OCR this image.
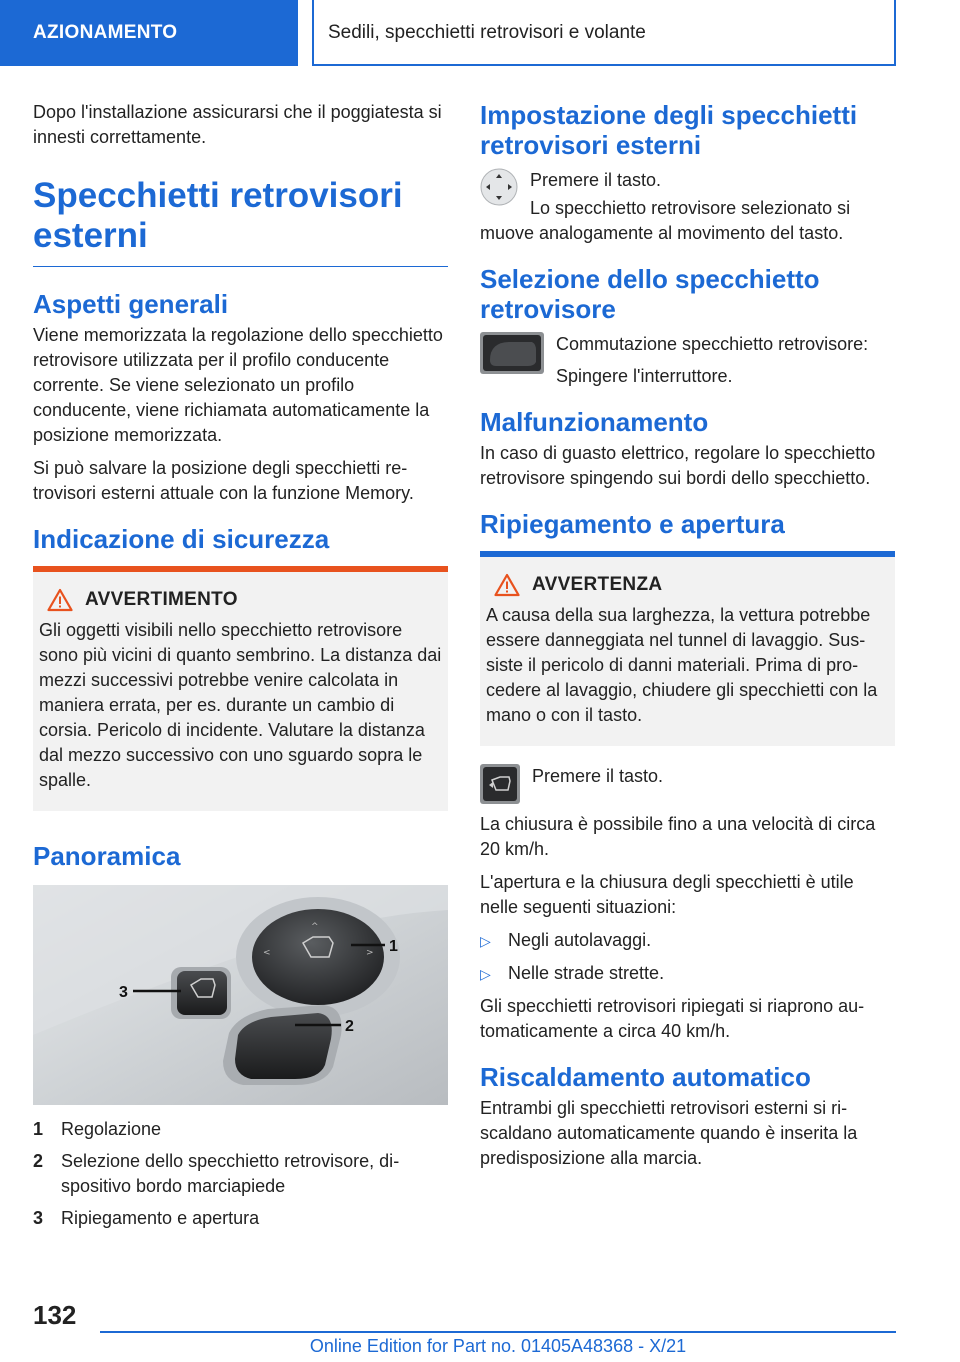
AZIONAMENTO	Sedili, specchietti retrovisori e volante

Dopo l'installazione assicurarsi che il poggiatesta si innesti correttamente.

Specchietti retrovisori esterni
Aspetti generali

Viene memorizzata la regolazione dello specchietto retrovisore utilizzata per il profilo conducente corrente. Se viene selezionato un profilo conducente, viene richiamata automaticamente la posizione memorizzata.

Si può salvare la posizione degli specchietti retrovisori esterni attuale con la funzione Memory.

Indicazione di sicurezza
AVVERTIMENTO

Gli oggetti visibili nello specchietto retrovisore sono più vicini di quanto sembrino. La distanza dai mezzi successivi potrebbe venire calcolata in maniera errata, per es. durante un cambio di corsia. Pericolo di incidente. Valutare la distanza dal mezzo successivo con uno sguardo sopra le spalle.

Panoramica
^
<	> 1
2
3
1 Regolazione
2 Selezione dello specchietto retrovisore, dispositivo bordo marciapiede
3 Ripiegamento e apertura
Impostazione degli specchietti retrovisori esterni
Premere il tasto.

Lo specchietto retrovisore selezionato si muove analogamente al movimento del tasto.

Selezione dello specchietto retrovisore
Commutazione specchietto retrovisore:
Spingere l'interruttore.
Malfunzionamento

In caso di guasto elettrico, regolare lo specchietto retrovisore spingendo sui bordi dello specchietto.

Ripiegamento e apertura
AVVERTENZA

A causa della sua larghezza, la vettura potrebbe essere danneggiata nel tunnel di lavaggio. Sussiste il pericolo di danni materiali. Prima di procedere al lavaggio, chiudere gli specchietti con la mano o con il tasto.

Premere il tasto.

La chiusura è possibile fino a una velocità di circa 20 km/h.

L'apertura e la chiusura degli specchietti è utile nelle seguenti situazioni:

▷ Negli autolavaggi.
▷ Nelle strade strette.

Gli specchietti retrovisori ripiegati si riaprono automaticamente a circa 40 km/h.

Riscaldamento automatico

Entrambi gli specchietti retrovisori esterni si riscaldano automaticamente quando è inserita la predisposizione alla marcia.

132
Online Edition for Part no. 01405A48368 - X/21
